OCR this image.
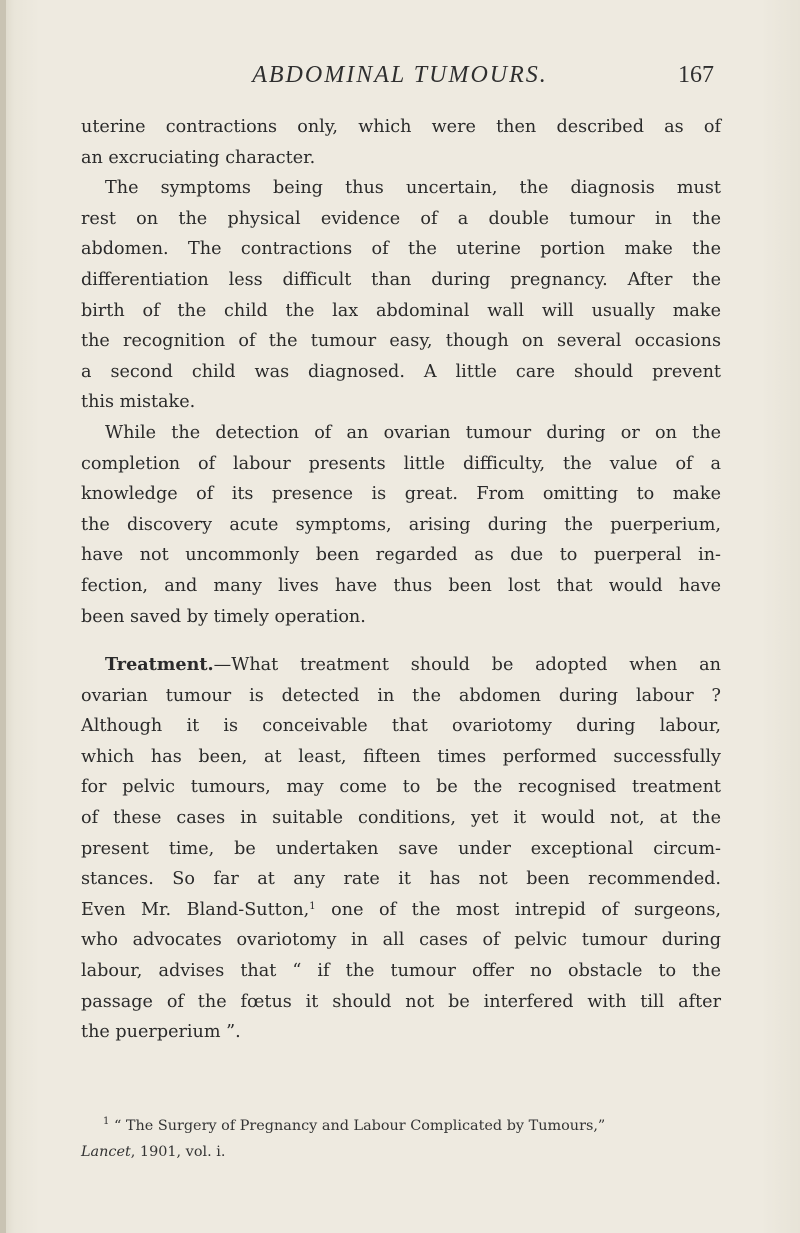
ABDOMINAL TUMOURS.	167
uterine contractions only, which were then described as of
an excruciating character.
The symptoms being thus uncertain, the diagnosis must
rest on the physical evidence of a double tumour in the
abdomen. The contractions of the uterine portion make the
differentiation less difficult than during pregnancy. After the
birth of the child the lax abdominal wall will usually make
the recognition of the tumour easy, though on several occasions
a second child was diagnosed. A little care should prevent
this mistake.
While the detection of an ovarian tumour during or on the
completion of labour presents little difficulty, the value of a
knowledge of its presence is great. From omitting to make
the discovery acute symptoms, arising during the puerperium,
have not uncommonly been regarded as due to puerperal in-
fection, and many lives have thus been lost that would have
been saved by timely operation.
Treatment.—What treatment should be adopted when an
ovarian tumour is detected in the abdomen during labour ?
Although it is conceivable that ovariotomy during labour,
which has been, at least, fifteen times performed successfully
for pelvic tumours, may come to be the recognised treatment
of these cases in suitable conditions, yet it would not, at the
present time, be undertaken save under exceptional circum-
stances. So far at any rate it has not been recommended.
Even Mr. Bland-Sutton,$^1$ one of the most intrepid of surgeons,
who advocates ovariotomy in all cases of pelvic tumour during
labour, advises that “ if the tumour offer no obstacle to the
passage of the fœtus it should not be interfered with till after
the puerperium ”.
$^1$ “ The Surgery of Pregnancy and Labour Complicated by Tumours,”
Lancet, 1901, vol. i.
